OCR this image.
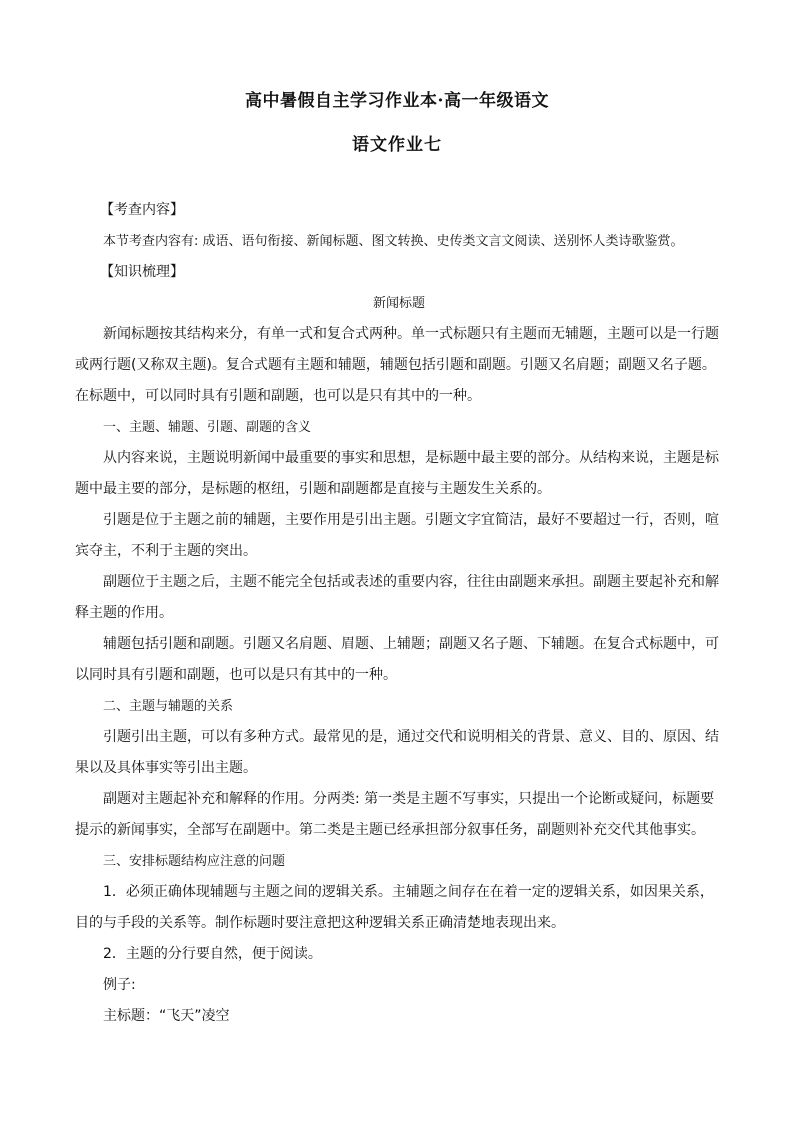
高中暑假自主学习作业本·高一年级语文
语文作业七
【考查内容】
本节考查内容有: 成语、语句衔接、新闻标题、图文转换、史传类文言文阅读、送别怀人类诗歌鉴赏。
【知识梳理】
新闻标题
新闻标题按其结构来分，有单一式和复合式两种。单一式标题只有主题而无辅题，主题可以是一行题
或两行题(又称双主题)。复合式题有主题和辅题，辅题包括引题和副题。引题又名肩题；副题又名子题。
在标题中，可以同时具有引题和副题，也可以是只有其中的一种。
一、主题、辅题、引题、副题的含义
从内容来说，主题说明新闻中最重要的事实和思想，是标题中最主要的部分。从结构来说，主题是标
题中最主要的部分，是标题的枢纽，引题和副题都是直接与主题发生关系的。
引题是位于主题之前的辅题，主要作用是引出主题。引题文字宜简洁，最好不要超过一行，否则，喧
宾夺主，不利于主题的突出。
副题位于主题之后，主题不能完全包括或表述的重要内容，往往由副题来承担。副题主要起补充和解
释主题的作用。
辅题包括引题和副题。引题又名肩题、眉题、上辅题；副题又名子题、下辅题。在复合式标题中，可
以同时具有引题和副题，也可以是只有其中的一种。
二、主题与辅题的关系
引题引出主题，可以有多种方式。最常见的是，通过交代和说明相关的背景、意义、目的、原因、结
果以及具体事实等引出主题。
副题对主题起补充和解释的作用。分两类: 第一类是主题不写事实，只提出一个论断或疑问，标题要
提示的新闻事实，全部写在副题中。第二类是主题已经承担部分叙事任务，副题则补充交代其他事实。
三、安排标题结构应注意的问题
1．必须正确体现辅题与主题之间的逻辑关系。主辅题之间存在在着一定的逻辑关系，如因果关系，
目的与手段的关系等。制作标题时要注意把这种逻辑关系正确清楚地表现出来。
2．主题的分行要自然，便于阅读。
例子:
主标题：“飞天”凌空
